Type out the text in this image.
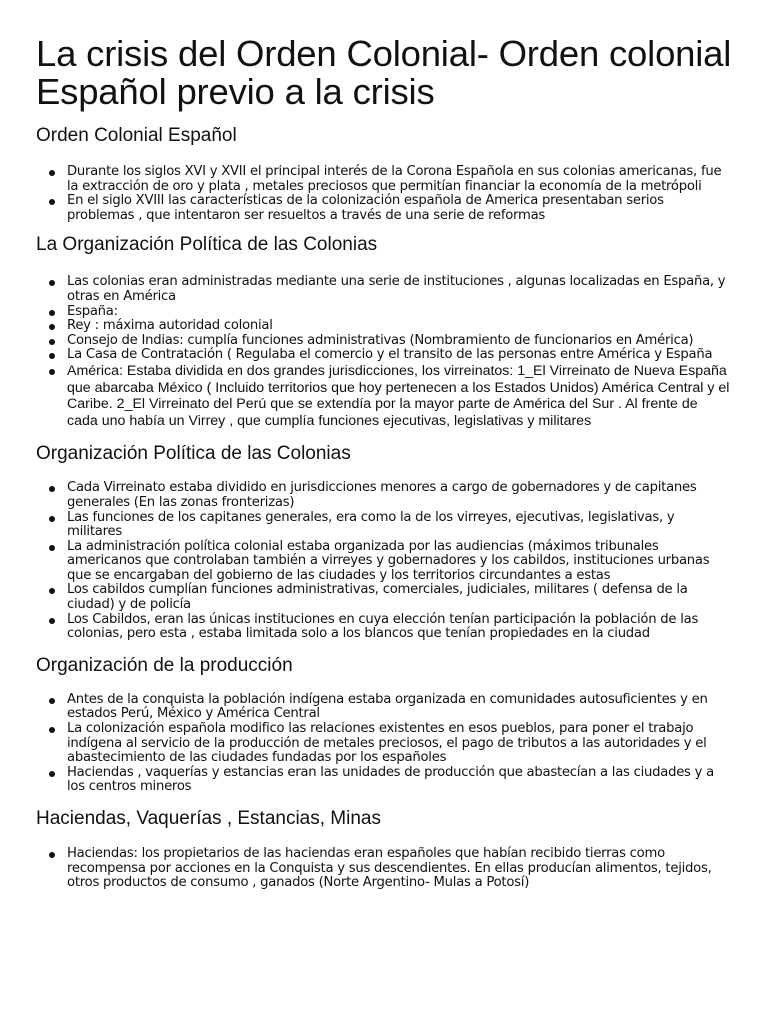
La crisis del Orden Colonial- Orden colonial Español previo a la crisis
Orden Colonial Español
Durante los siglos XVI y XVII el principal interés de la Corona Española en sus colonias americanas, fue la extracción de oro y plata , metales preciosos que permitían financiar la economía de la metrópoli
En el siglo XVIII las características de la colonización española de America presentaban serios problemas , que intentaron ser resueltos a través de una serie de reformas
La Organización Política de las Colonias
Las colonias eran administradas mediante una serie de instituciones , algunas localizadas en España, y otras en América
España:
Rey : máxima autoridad colonial
Consejo de Indias: cumplía funciones administrativas (Nombramiento de funcionarios en América)
La Casa de Contratación ( Regulaba el comercio y el transito de las personas entre América y España
América: Estaba dividida en dos grandes jurisdicciones, los virreinatos: 1_El Virreinato de Nueva España que abarcaba México ( Incluido territorios que hoy pertenecen a los Estados Unidos) América Central y el Caribe. 2_El Virreinato del Perú que se extendía por la mayor parte de América del Sur . Al frente de cada uno había un Virrey , que cumplía funciones ejecutivas, legislativas y militares
Organización Política de las Colonias
Cada Virreinato estaba dividido en jurisdicciones menores a cargo de gobernadores y de capitanes generales (En las zonas fronterizas)
Las funciones de los capitanes generales, era como la de los virreyes, ejecutivas, legislativas, y militares
La administración política colonial estaba organizada por las audiencias (máximos tribunales americanos que controlaban también a virreyes y gobernadores y los cabildos, instituciones urbanas que se encargaban del gobierno de las ciudades y los territorios circundantes a estas
Los cabildos cumplían funciones administrativas, comerciales, judiciales, militares ( defensa de la ciudad) y de policía
Los Cabildos, eran las únicas instituciones en cuya elección tenían participación la población de las colonias, pero esta , estaba limitada solo a los blancos que tenían propiedades en la ciudad
Organización de la producción
Antes de la conquista la población indígena estaba organizada en comunidades autosuficientes y en estados Perú, México y América Central
La colonización española modifico las relaciones existentes en esos pueblos, para poner el trabajo indígena al servicio de la producción de metales preciosos, el pago de tributos a las autoridades y el abastecimiento de las ciudades fundadas por los españoles
Haciendas , vaquerías y estancias eran las unidades de producción que abastecían a las ciudades y a los centros mineros
Haciendas, Vaquerías , Estancias, Minas
Haciendas: los propietarios de las haciendas eran españoles que habían recibido tierras como recompensa por acciones en la Conquista y sus descendientes. En ellas producían alimentos, tejidos, otros productos de consumo , ganados (Norte Argentino- Mulas a Potosí)
